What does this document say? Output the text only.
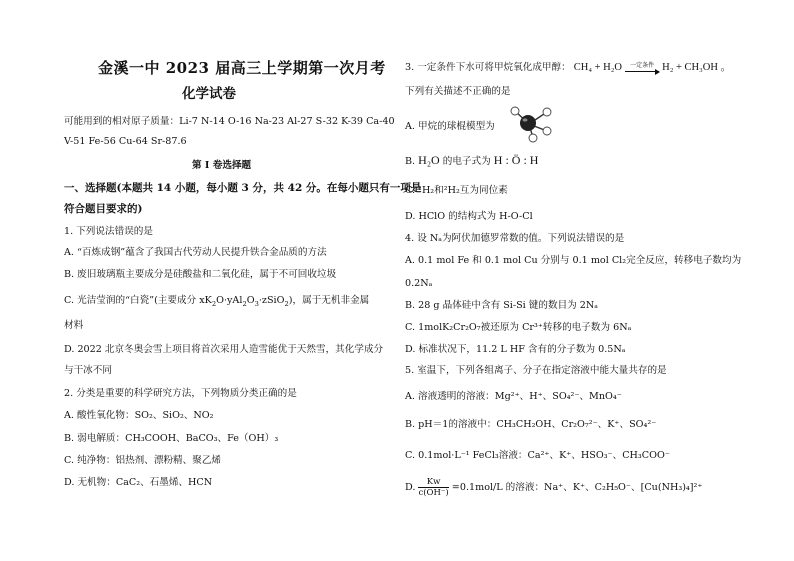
金溪一中 2023 届高三上学期第一次月考
化学试卷
可能用到的相对原子质量：Li-7 N-14 O-16 Na-23 Al-27 S-32 K-39 Ca-40
V-51 Fe-56 Cu-64 Sr-87.6
第 I 卷选择题
一、选择题(本题共 14 小题，每小题 3 分，共 42 分。在每小题只有一项是
符合题目要求的)
1. 下列说法错误的是
A. “百炼成钢”蕴含了我国古代劳动人民提升铁合金品质的方法
B. 废旧玻璃瓶主要成分是硅酸盐和二氧化硅，属于不可回收垃圾
C. 光洁莹润的“白瓷”(主要成分 $xK_2O\cdot yAl_2O_3\cdot zSiO_2$)，属于无机非金属
材料
D. 2022 北京冬奥会雪上项目将首次采用人造雪能优于天然雪，其化学成分
与干冰不同
2. 分类是重要的科学研究方法，下列物质分类正确的是
A. 酸性氧化物：SO₂、SiO₂、NO₂
B. 弱电解质：CH₃COOH、BaCO₃、Fe（OH）₃
C. 纯净物：铝热剂、漂粉精、聚乙烯
D. 无机物：CaC₂、石墨烯、HCN
3. 一定条件下水可将甲烷氧化成甲醇： CH₄ + H₂O 一定条件 H₂ + CH₃OH 。
下列有关描述不正确的是
A. 甲烷的球棍模型为
B. H₂O 的电子式为 H : Ö : H
C. ¹H₂和²H₂互为同位素
D. HClO 的结构式为 H-O-Cl
4. 设 Nₐ为阿伏加德罗常数的值。下列说法错误的是
A. 0.1 mol Fe 和 0.1 mol Cu 分别与 0.1 mol Cl₂完全反应，转移电子数均为
0.2Nₐ
B. 28 g 晶体硅中含有 Si-Si 键的数目为 2Nₐ
C. 1molK₂Cr₂O₇被还原为 Cr³⁺转移的电子数为 6Nₐ
D. 标准状况下，11.2 L HF 含有的分子数为 0.5Nₐ
5. 室温下，下列各组离子、分子在指定溶液中能大量共存的是
A. 溶液透明的溶液：Mg²⁺、H⁺、SO₄²⁻、MnO₄⁻
B. pH＝1的溶液中：CH₃CH₂OH、Cr₂O₇²⁻、K⁺、SO₄²⁻
C. 0.1mol·L⁻¹ FeCl₃溶液：Ca²⁺、K⁺、HSO₃⁻、CH₃COO⁻
D. $\frac{Kw}{c(OH^-)} =0.1mol/L$ 的溶液：Na⁺、K⁺、C₂H₅O⁻、[Cu(NH₃)₄]²⁺
